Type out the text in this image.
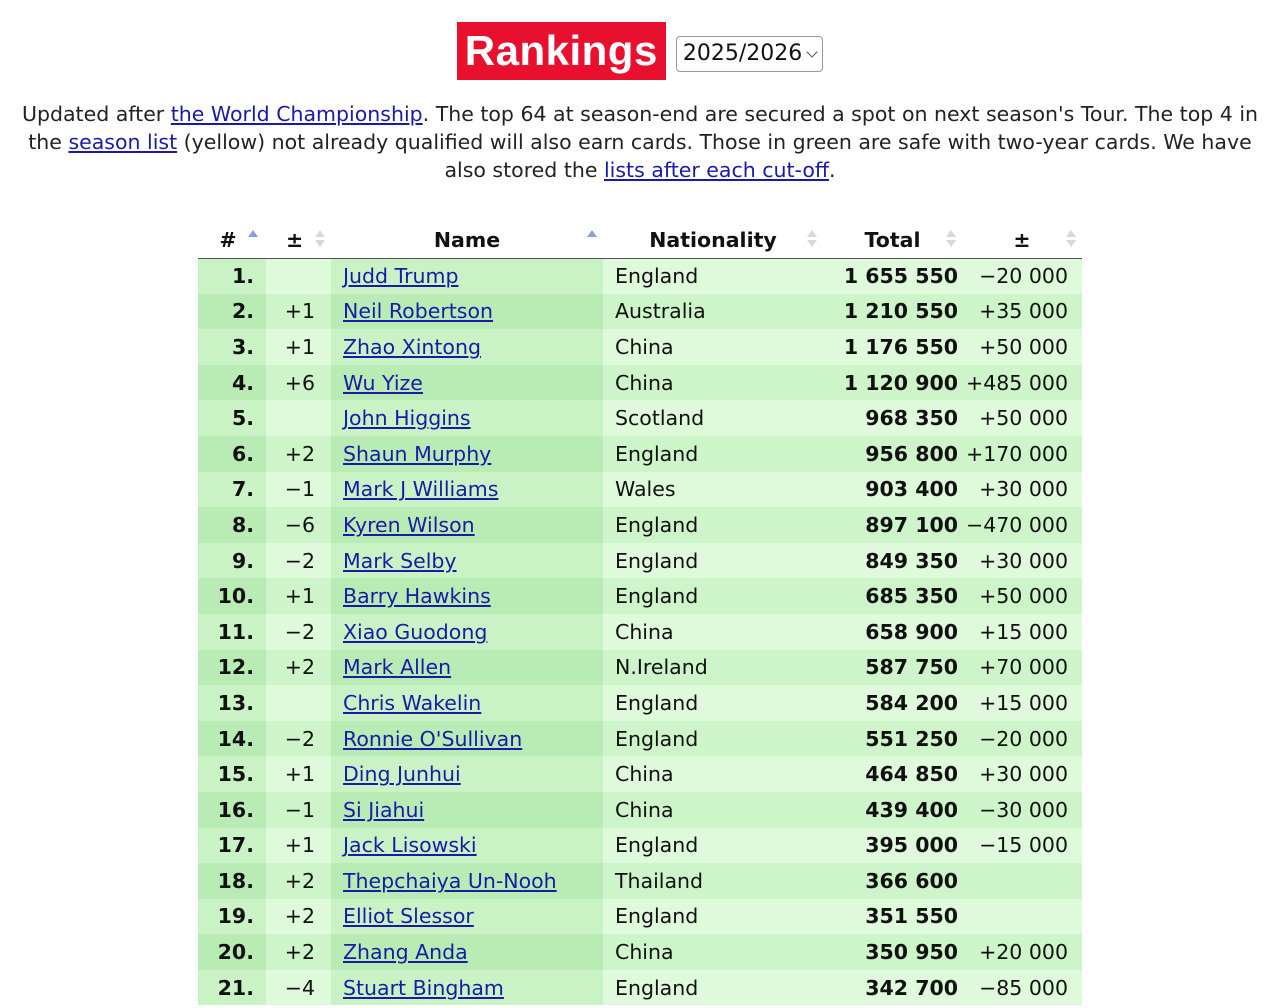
Rankings	2025/2026
Updated after the World Championship. The top 64 at season-end are secured a spot on next season's Tour. The top 4 in the season list (yellow) not already qualified will also earn cards. Those in green are safe with two-year cards. We have also stored the lists after each cut-off.
#	±	Name	Nationality	Total	±

1.		Judd Trump	England	1 655 550	−20 000
2.	+1	Neil Robertson	Australia	1 210 550	+35 000
3.	+1	Zhao Xintong	China	1 176 550	+50 000
4.	+6	Wu Yize	China	1 120 900	+485 000
5.		John Higgins	Scotland	968 350	+50 000
6.	+2	Shaun Murphy	England	956 800	+170 000
7.	−1	Mark J Williams	Wales	903 400	+30 000
8.	−6	Kyren Wilson	England	897 100	−470 000
9.	−2	Mark Selby	England	849 350	+30 000
10.	+1	Barry Hawkins	England	685 350	+50 000
11.	−2	Xiao Guodong	China	658 900	+15 000
12.	+2	Mark Allen	N.Ireland	587 750	+70 000
13.		Chris Wakelin	England	584 200	+15 000
14.	−2	Ronnie O'Sullivan	England	551 250	−20 000
15.	+1	Ding Junhui	China	464 850	+30 000
16.	−1	Si Jiahui	China	439 400	−30 000
17.	+1	Jack Lisowski	England	395 000	−15 000
18.	+2	Thepchaiya Un-Nooh	Thailand	366 600	
19.	+2	Elliot Slessor	England	351 550	
20.	+2	Zhang Anda	China	350 950	+20 000
21.	−4	Stuart Bingham	England	342 700	−85 000
